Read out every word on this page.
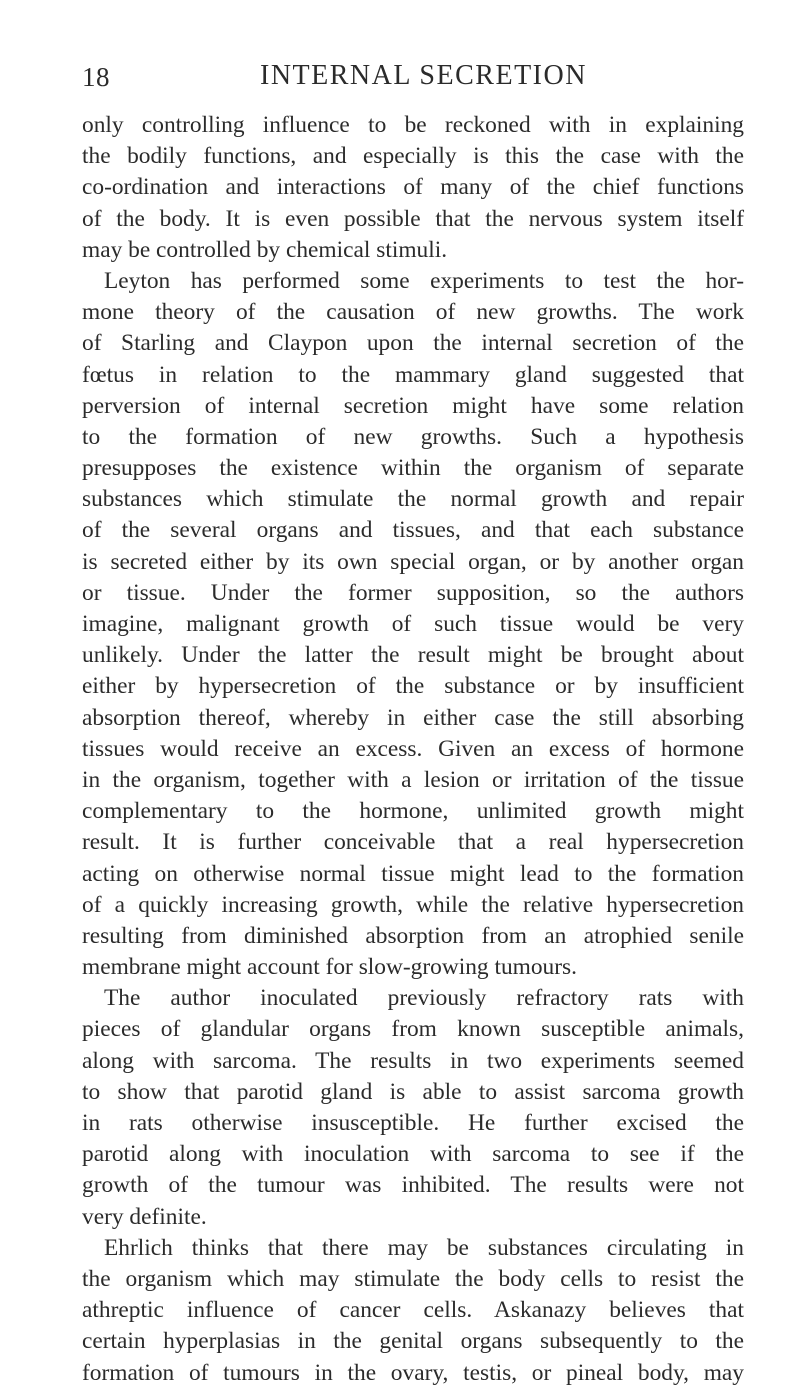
18	INTERNAL SECRETION
only controlling influence to be reckoned with in explaining
the bodily functions, and especially is this the case with the
co-ordination and interactions of many of the chief functions
of the body. It is even possible that the nervous system itself
may be controlled by chemical stimuli.
Leyton has performed some experiments to test the hor-
mone theory of the causation of new growths. The work
of Starling and Claypon upon the internal secretion of the
fœtus in relation to the mammary gland suggested that
perversion of internal secretion might have some relation
to the formation of new growths. Such a hypothesis
presupposes the existence within the organism of separate
substances which stimulate the normal growth and repair
of the several organs and tissues, and that each substance
is secreted either by its own special organ, or by another organ
or tissue. Under the former supposition, so the authors
imagine, malignant growth of such tissue would be very
unlikely. Under the latter the result might be brought about
either by hypersecretion of the substance or by insufficient
absorption thereof, whereby in either case the still absorbing
tissues would receive an excess. Given an excess of hormone
in the organism, together with a lesion or irritation of the tissue
complementary to the hormone, unlimited growth might
result. It is further conceivable that a real hypersecretion
acting on otherwise normal tissue might lead to the formation
of a quickly increasing growth, while the relative hypersecretion
resulting from diminished absorption from an atrophied senile
membrane might account for slow-growing tumours.
The author inoculated previously refractory rats with
pieces of glandular organs from known susceptible animals,
along with sarcoma. The results in two experiments seemed
to show that parotid gland is able to assist sarcoma growth
in rats otherwise insusceptible. He further excised the
parotid along with inoculation with sarcoma to see if the
growth of the tumour was inhibited. The results were not
very definite.
Ehrlich thinks that there may be substances circulating in
the organism which may stimulate the body cells to resist the
athreptic influence of cancer cells. Askanazy believes that
certain hyperplasias in the genital organs subsequently to the
formation of tumours in the ovary, testis, or pineal body, may
